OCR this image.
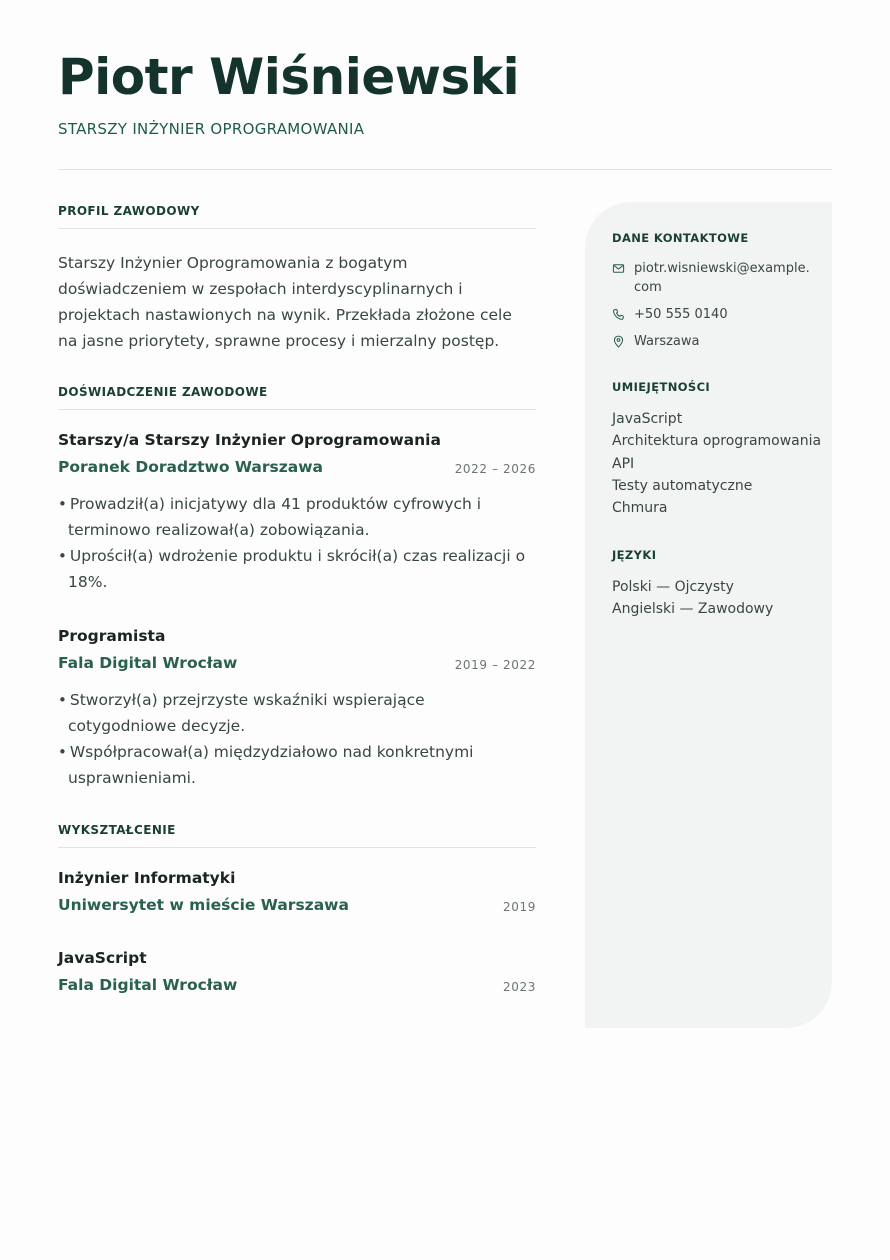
Piotr Wiśniewski
STARSZY INŻYNIER OPROGRAMOWANIA
PROFIL ZAWODOWY

Starszy Inżynier Oprogramowania z bogatym doświadczeniem w zespołach interdyscyplinarnych i projektach nastawionych na wynik. Przekłada złożone cele na jasne priorytety, sprawne procesy i mierzalny postęp.

DOŚWIADCZENIE ZAWODOWE
Starszy/a Starszy Inżynier Oprogramowania
Poranek Doradztwo Warszawa	2022 – 2026
• Prowadził(a) inicjatywy dla 41 produktów cyfrowych i terminowo realizował(a) zobowiązania.
• Uprościł(a) wdrożenie produktu i skrócił(a) czas realizacji o 18%.
Programista
Fala Digital Wrocław	2019 – 2022
• Stworzył(a) przejrzyste wskaźniki wspierające cotygodniowe decyzje.
• Współpracował(a) międzydziałowo nad konkretnymi usprawnieniami.
WYKSZTAŁCENIE
Inżynier Informatyki
Uniwersytet w mieście Warszawa	2019
JavaScript
Fala Digital Wrocław	2023
DANE KONTAKTOWE
piotr.wisniewski@example.com
+50 555 0140
Warszawa
UMIEJĘTNOŚCI
JavaScript
Architektura oprogramowania
API
Testy automatyczne
Chmura
JĘZYKI
Polski — Ojczysty
Angielski — Zawodowy
